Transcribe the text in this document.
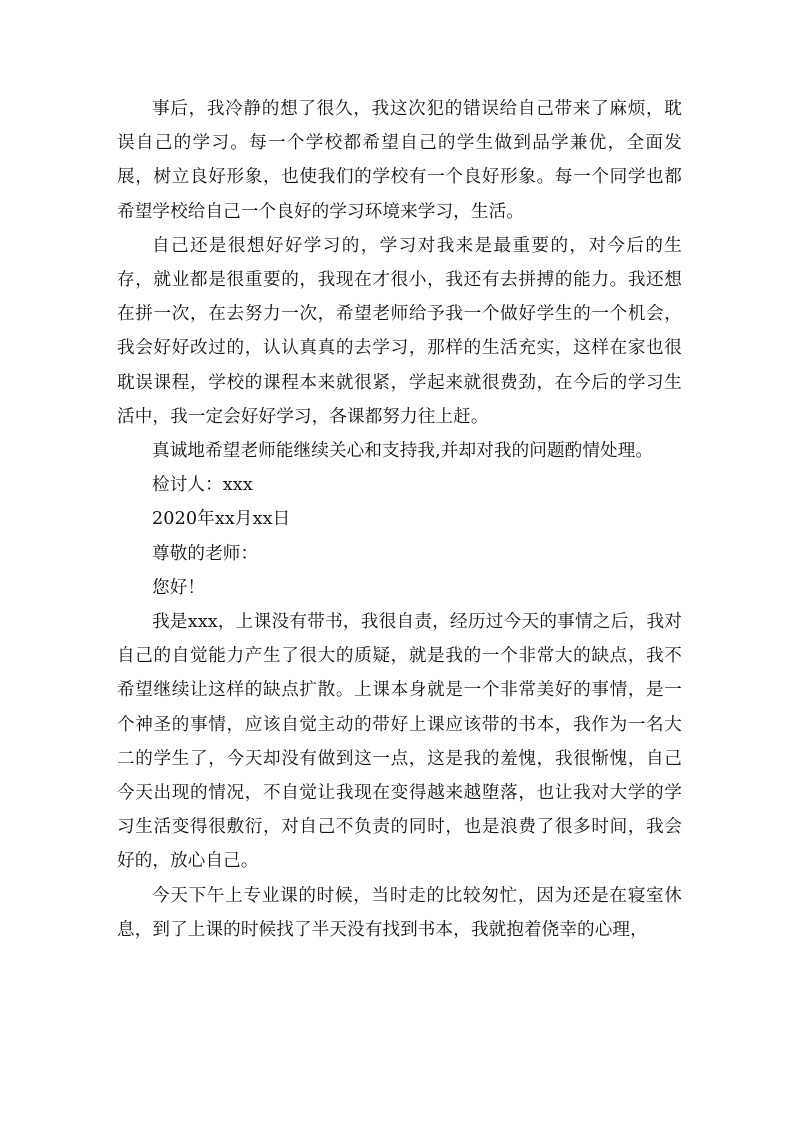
事后，我冷静的想了很久，我这次犯的错误给自己带来了麻烦，耽误自己的学习。每一个学校都希望自己的学生做到品学兼优，全面发展，树立良好形象，也使我们的学校有一个良好形象。每一个同学也都希望学校给自己一个良好的学习环境来学习，生活。

自己还是很想好好学习的，学习对我来是最重要的，对今后的生存，就业都是很重要的，我现在才很小，我还有去拼搏的能力。我还想在拼一次，在去努力一次，希望老师给予我一个做好学生的一个机会，我会好好改过的，认认真真的去学习，那样的生活充实，这样在家也很耽误课程，学校的课程本来就很紧，学起来就很费劲，在今后的学习生活中，我一定会好好学习，各课都努力往上赶。

真诚地希望老师能继续关心和支持我,并却对我的问题酌情处理。

检讨人：xxx

2020年xx月xx日

尊敬的老师：

您好！

我是xxx，上课没有带书，我很自责，经历过今天的事情之后，我对自己的自觉能力产生了很大的质疑，就是我的一个非常大的缺点，我不希望继续让这样的缺点扩散。上课本身就是一个非常美好的事情，是一个神圣的事情，应该自觉主动的带好上课应该带的书本，我作为一名大二的学生了，今天却没有做到这一点，这是我的羞愧，我很惭愧，自己今天出现的情况，不自觉让我现在变得越来越堕落，也让我对大学的学习生活变得很敷衍，对自己不负责的同时，也是浪费了很多时间，我会好的，放心自己。

今天下午上专业课的时候，当时走的比较匆忙，因为还是在寝室休息，到了上课的时候找了半天没有找到书本，我就抱着侥幸的心理，
